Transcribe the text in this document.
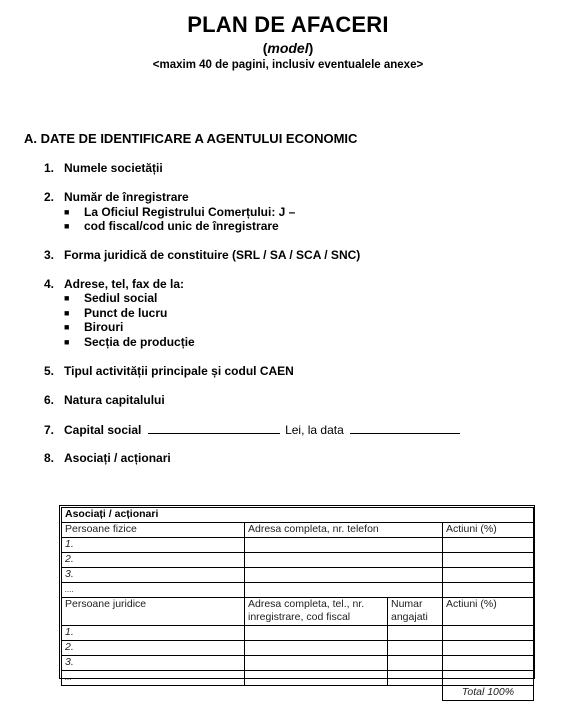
PLAN DE AFACERI
(model)
<maxim 40 de pagini, inclusiv eventualele anexe>
A. DATE DE IDENTIFICARE A AGENTULUI ECONOMIC
1. Numele societății
2. Număr de înregistrare
■ La Oficiul Registrului Comerțului: J –
■ cod fiscal/cod unic de înregistrare
3. Forma juridică de constituire (SRL / SA / SCA / SNC)
4. Adrese, tel, fax de la:
■ Sediul social
■ Punct de lucru
■ Birouri
■ Secția de producție
5. Tipul activității principale și codul CAEN
6. Natura capitalului
7. Capital social	Lei, la data
8. Asociați / acționari
Asociați / acționari			
Persoane fizice	Adresa completa, nr. telefon		Actiuni (%)
1.			
2.			
3.			
....			
Persoane juridice	Adresa completa, tel., nr. inregistrare, cod fiscal	Numar angajati	Actiuni (%)
1.			
2.			
3.			
...			
			Total 100%
